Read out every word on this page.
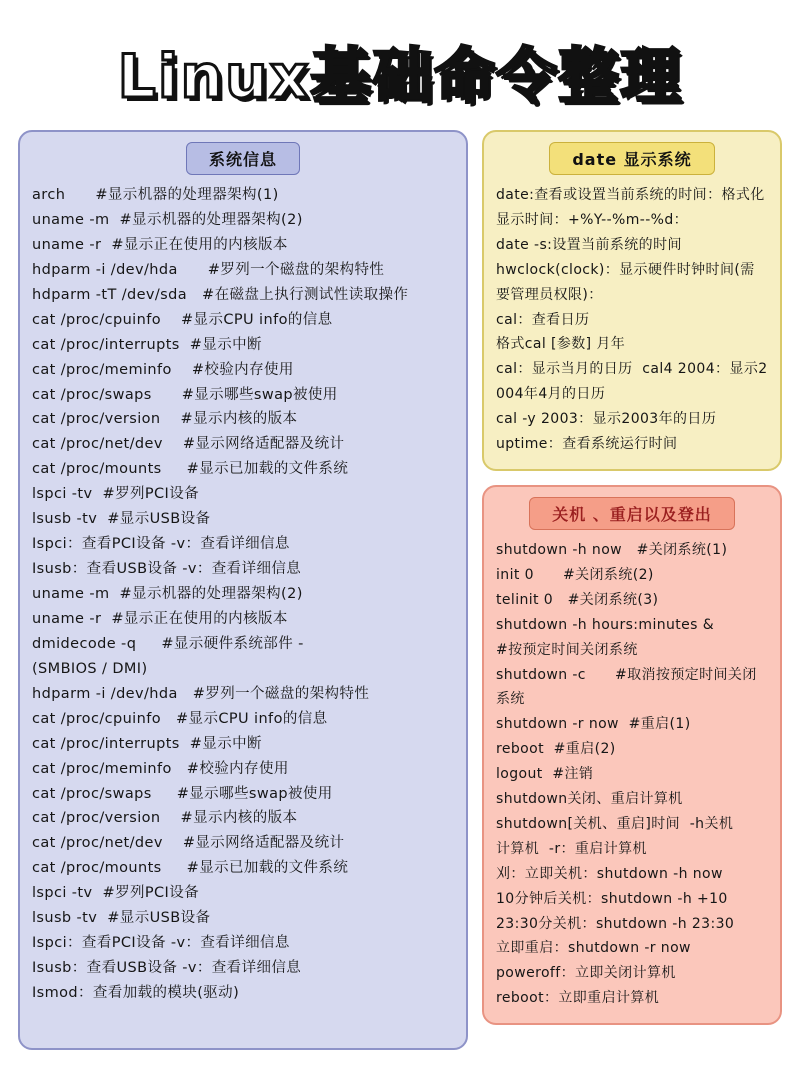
Linux基础命令整理
系统信息
arch      #显示机器的处理器架构(1)
uname -m  #显示机器的处理器架构(2)
uname -r  #显示正在使用的内核版本
hdparm -i /dev/hda      #罗列一个磁盘的架构特性
hdparm -tT /dev/sda   #在磁盘上执行测试性读取操作
cat /proc/cpuinfo    #显示CPU info的信息
cat /proc/interrupts  #显示中断
cat /proc/meminfo    #校验内存使用
cat /proc/swaps      #显示哪些swap被使用
cat /proc/version    #显示内核的版本
cat /proc/net/dev    #显示网络适配器及统计
cat /proc/mounts     #显示已加载的文件系统
lspci -tv  #罗列PCI设备
lsusb -tv  #显示USB设备
Ispci：查看PCI设备 -v：查看详细信息
Isusb：查看USB设备 -v：查看详细信息
uname -m  #显示机器的处理器架构(2)
uname -r  #显示正在使用的内核版本
dmidecode -q     #显示硬件系统部件 -
(SMBIOS / DMI)
hdparm -i /dev/hda   #罗列一个磁盘的架构特性
cat /proc/cpuinfo   #显示CPU info的信息
cat /proc/interrupts  #显示中断
cat /proc/meminfo   #校验内存使用
cat /proc/swaps     #显示哪些swap被使用
cat /proc/version    #显示内核的版本
cat /proc/net/dev    #显示网络适配器及统计
cat /proc/mounts     #显示已加载的文件系统
lspci -tv  #罗列PCI设备
lsusb -tv  #显示USB设备
Ispci：查看PCI设备 -v：查看详细信息
Isusb：查看USB设备 -v：查看详细信息
Ismod：查看加载的模块(驱动)
date 显示系统
date:查看或设置当前系统的时间：格式化显示时间：+%Y--%m--%d：
date -s:设置当前系统的时间
hwclock(clock)：显示硬件时钟时间(需要管理员权限)：
cal：查看日历
格式cal [参数] 月年
cal：显示当月的日历  cal4 2004：显示2004年4月的日历
cal -y 2003：显示2003年的日历
uptime：查看系统运行时间
关机 、重启以及登出
shutdown -h now   #关闭系统(1)
init 0      #关闭系统(2)
telinit 0   #关闭系统(3)
shutdown -h hours:minutes &
#按预定时间关闭系统
shutdown -c      #取消按预定时间关闭系统
shutdown -r now  #重启(1)
reboot  #重启(2)
logout  #注销
shutdown关闭、重启计算机
shutdown[关机、重启]时间  -h关机
计算机  -r：重启计算机
刈：立即关机：shutdown -h now
10分钟后关机：shutdown -h +10
23:30分关机：shutdown -h 23:30
立即重启：shutdown -r now
poweroff：立即关闭计算机
reboot：立即重启计算机
